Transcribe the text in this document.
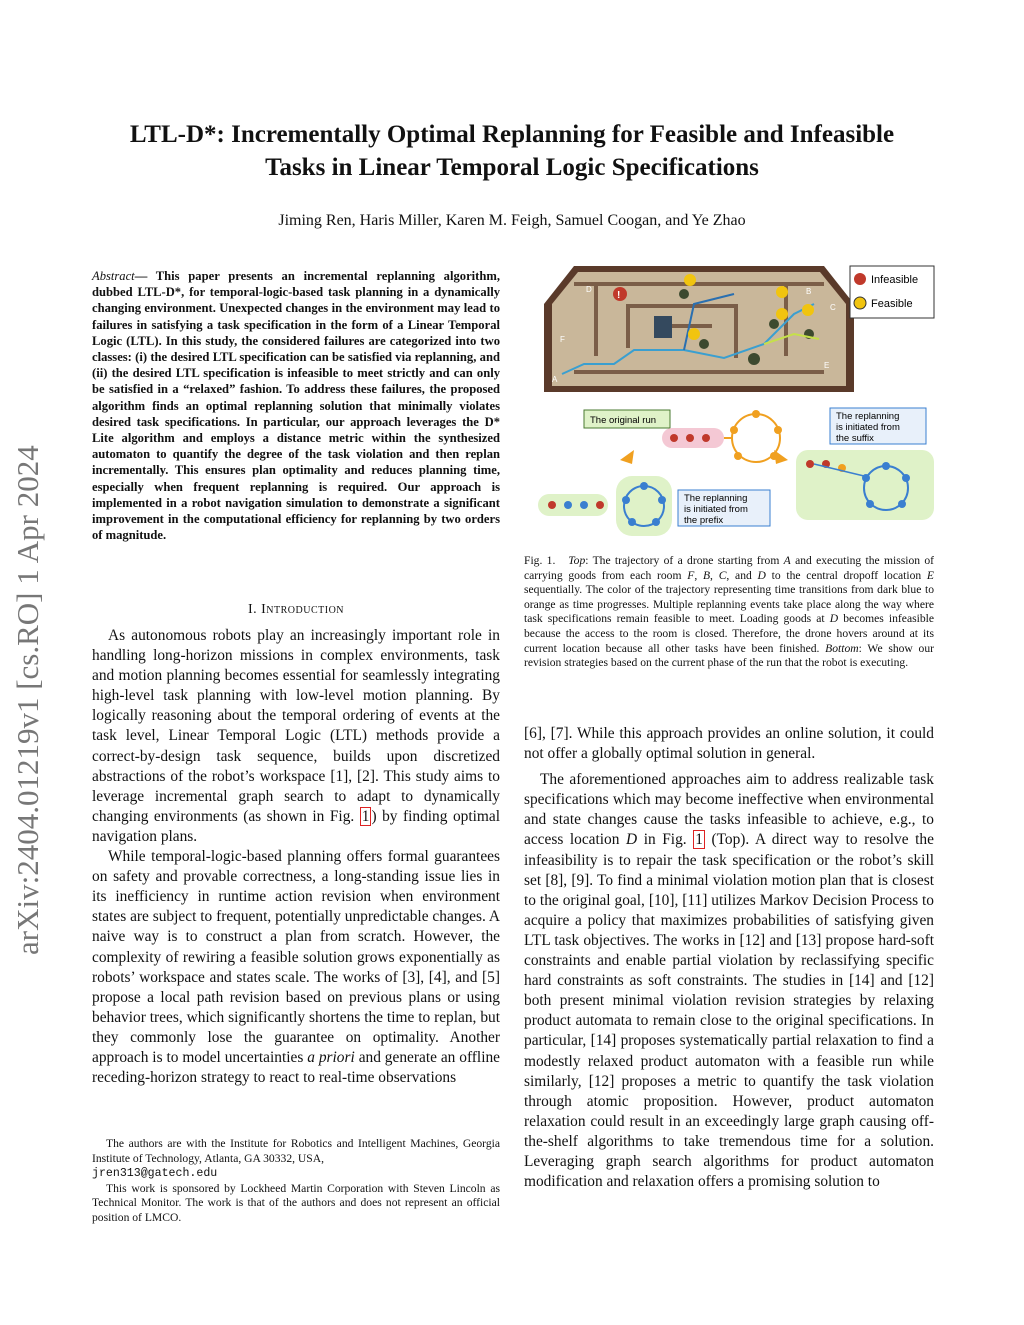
LTL-D*: Incrementally Optimal Replanning for Feasible and Infeasible
Tasks in Linear Temporal Logic Specifications
Jiming Ren, Haris Miller, Karen M. Feigh, Samuel Coogan, and Ye Zhao
arXiv:2404.01219v1 [cs.RO] 1 Apr 2024
Abstract— This paper presents an incremental replanning algorithm, dubbed LTL-D*, for temporal-logic-based task planning in a dynamically changing environment. Unexpected changes in the environment may lead to failures in satisfying a task specification in the form of a Linear Temporal Logic (LTL). In this study, the considered failures are categorized into two classes: (i) the desired LTL specification can be satisfied via replanning, and (ii) the desired LTL specification is infeasible to meet strictly and can only be satisfied in a “relaxed” fashion. To address these failures, the proposed algorithm finds an optimal replanning solution that minimally violates desired task specifications. In particular, our approach leverages the D* Lite algorithm and employs a distance metric within the synthesized automaton to quantify the degree of the task violation and then replan incrementally. This ensures plan optimality and reduces planning time, especially when frequent replanning is required. Our approach is implemented in a robot navigation simulation to demonstrate a significant improvement in the computational efficiency for replanning by two orders of magnitude.
I. Introduction

As autonomous robots play an increasingly important role in handling long-horizon missions in complex environments, task and motion planning becomes essential for seamlessly integrating high-level task planning with low-level motion planning. By logically reasoning about the temporal ordering of events at the task level, Linear Temporal Logic (LTL) methods provide a correct-by-design task sequence, builds upon discretized abstractions of the robot’s workspace [1], [2]. This study aims to leverage incremental graph search to adapt to dynamically changing environments (as shown in Fig. 1 ) by finding optimal navigation plans.

While temporal-logic-based planning offers formal guarantees on safety and provable correctness, a long-standing issue lies in its inefficiency in runtime action revision when environment states are subject to frequent, potentially unpredictable changes. A naive way is to construct a plan from scratch. However, the complexity of rewiring a feasible solution grows exponentially as robots’ workspace and states scale. The works of [3], [4], and [5] propose a local path revision based on previous plans or using behavior trees, which significantly shortens the time to replan, but they commonly lose the guarantee on optimality. Another approach is to model uncertainties a priori and generate an offline receding-horizon strategy to react to real-time observations

The authors are with the Institute for Robotics and Intelligent Machines, Georgia Institute of Technology, Atlanta, GA 30332, USA,
jren313@gatech.edu

This work is sponsored by Lockheed Martin Corporation with Steven Lincoln as Technical Monitor. The work is that of the authors and does not represent an official position of LMCO.

D
F
A
B
C
E
!
Infeasible
Feasible
The original run	The replanning
is initiated from
the suffix
The replanning
is initiated from
the prefix
Fig. 1. Top: The trajectory of a drone starting from A and executing the mission of carrying goods from each room F, B, C, and D to the central dropoff location E sequentially. The color of the trajectory representing time transitions from dark blue to orange as time progresses. Multiple replanning events take place along the way where task specifications remain feasible to meet. Loading goods at D becomes infeasible because the access to the room is closed. Therefore, the drone hovers around at its current location because all other tasks have been finished. Bottom: We show our revision strategies based on the current phase of the run that the robot is executing.

[6], [7]. While this approach provides an online solution, it could not offer a globally optimal solution in general.

The aforementioned approaches aim to address realizable task specifications which may become ineffective when environmental and state changes cause the tasks infeasible to achieve, e.g., to access location D in Fig. 1 (Top). A direct way to resolve the infeasibility is to repair the task specification or the robot’s skill set [8], [9]. To find a minimal violation motion plan that is closest to the original goal, [10], [11] utilizes Markov Decision Process to acquire a policy that maximizes probabilities of satisfying given LTL task objectives. The works in [12] and [13] propose hard-soft constraints and enable partial violation by reclassifying specific hard constraints as soft constraints. The studies in [14] and [12] both present minimal violation revision strategies by relaxing product automata to remain close to the original specifications. In particular, [14] proposes systematically partial relaxation to find a modestly relaxed product automaton with a feasible run while similarly, [12] proposes a metric to quantify the task violation through atomic proposition. However, product automaton relaxation could result in an exceedingly large graph causing off-the-shelf algorithms to take tremendous time for a solution. Leveraging graph search algorithms for product automaton modification and relaxation offers a promising solution to
